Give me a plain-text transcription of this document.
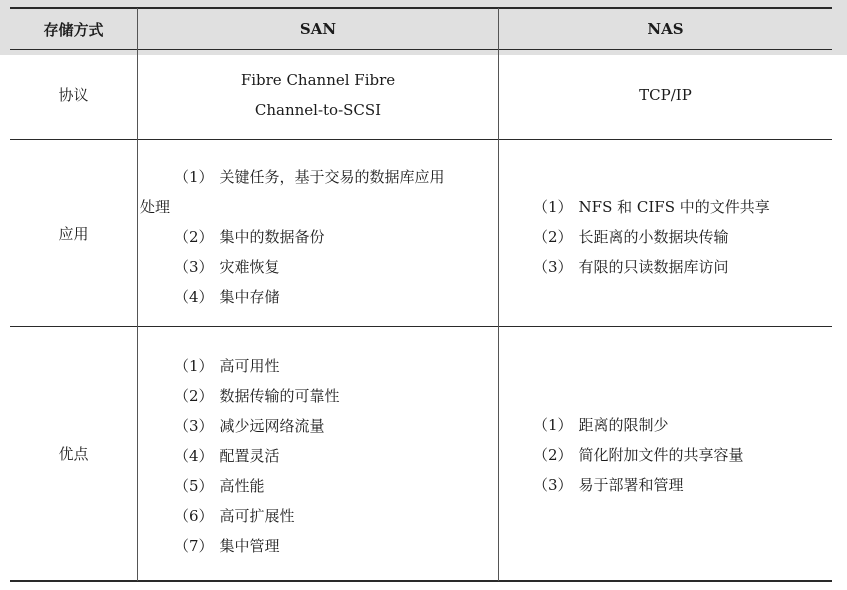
存储方式	SAN	NAS
协议
Fibre Channel Fibre
Channel-to-SCSI
TCP/IP
应用
（1） 关键任务，基于交易的数据库应用
处理
（2） 集中的数据备份
（3） 灾难恢复
（4） 集中存储
（1） NFS 和 CIFS 中的文件共享
（2） 长距离的小数据块传输
（3） 有限的只读数据库访问
优点
（1） 高可用性
（2） 数据传输的可靠性
（3） 减少远网络流量
（4） 配置灵活
（5） 高性能
（6） 高可扩展性
（7） 集中管理
（1） 距离的限制少
（2） 简化附加文件的共享容量
（3） 易于部署和管理
